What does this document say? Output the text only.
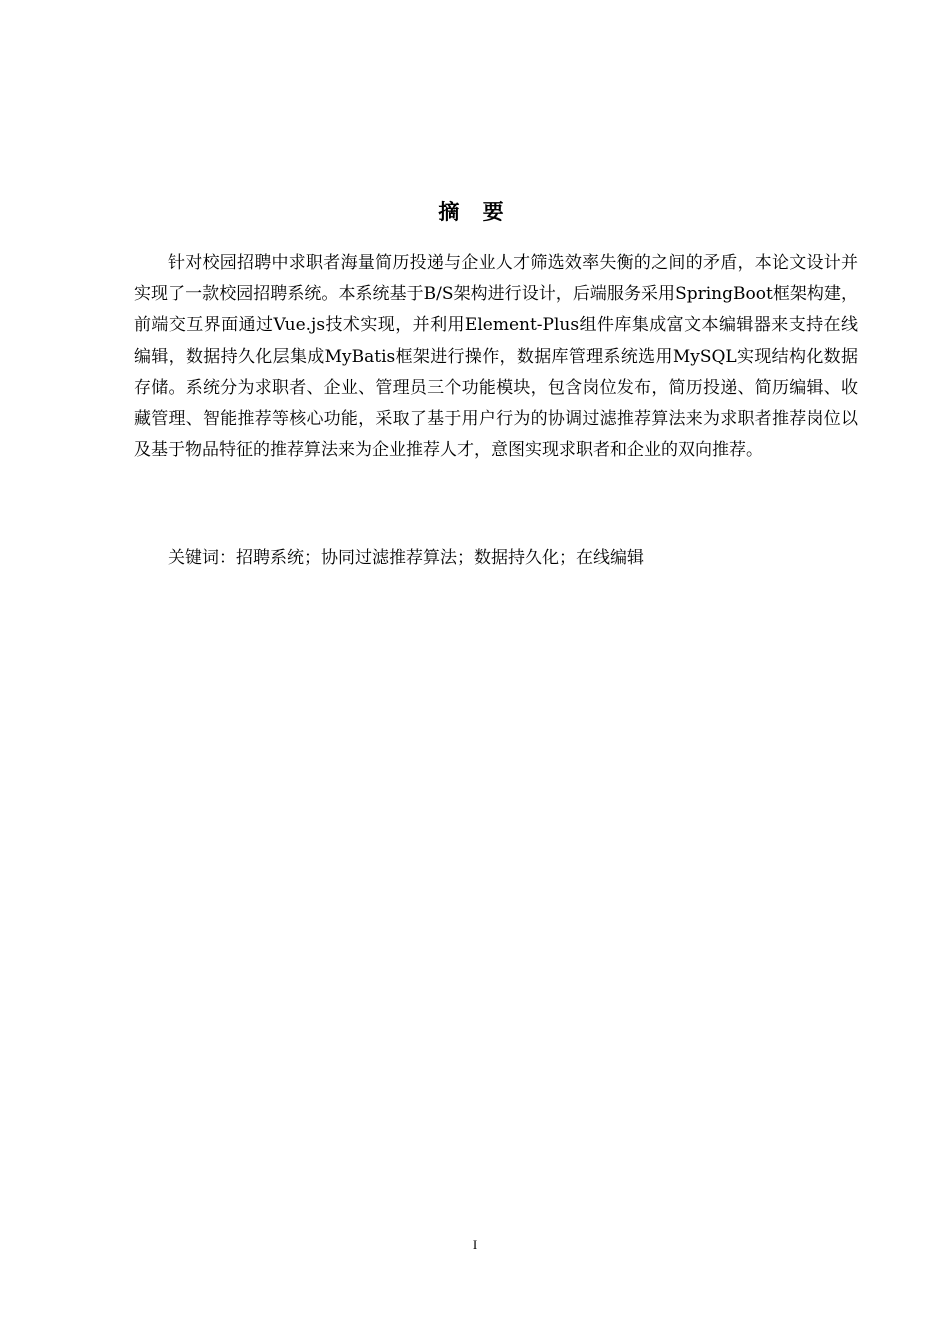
摘 要

针对校园招聘中求职者海量简历投递与企业人才筛选效率失衡的之间的矛盾，本论文设计并实现了一款校园招聘系统。本系统基于B/S架构进行设计，后端服务采用SpringBoot框架构建，前端交互界面通过Vue.js技术实现，并利用Element-Plus组件库集成富文本编辑器来支持在线编辑，数据持久化层集成MyBatis框架进行操作，数据库管理系统选用MySQL实现结构化数据存储。系统分为求职者、企业、管理员三个功能模块，包含岗位发布，简历投递、简历编辑、收藏管理、智能推荐等核心功能，采取了基于用户行为的协调过滤推荐算法来为求职者推荐岗位以及基于物品特征的推荐算法来为企业推荐人才，意图实现求职者和企业的双向推荐。

关键词：招聘系统；协同过滤推荐算法；数据持久化；在线编辑

I
